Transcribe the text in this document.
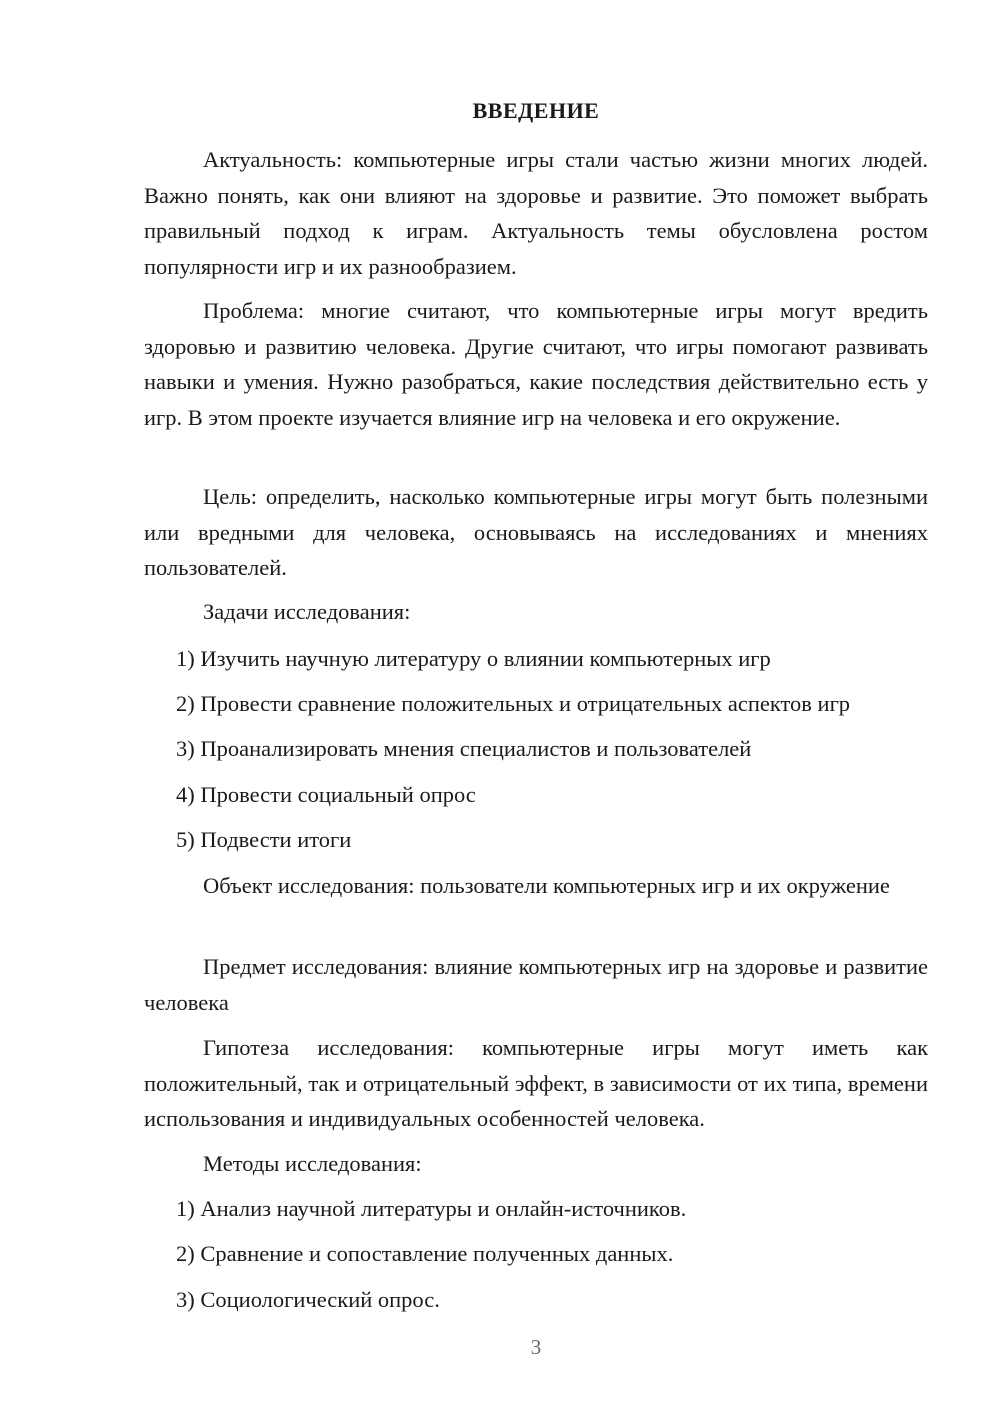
ВВЕДЕНИЕ

Актуальность: компьютерные игры стали частью жизни многих людей. Важно понять, как они влияют на здоровье и развитие. Это поможет выбрать правильный подход к играм. Актуальность темы обусловлена ростом популярности игр и их разнообразием.

Проблема: многие считают, что компьютерные игры могут вредить здоровью и развитию человека. Другие считают, что игры помогают развивать навыки и умения. Нужно разобраться, какие последствия действительно есть у игр. В этом проекте изучается влияние игр на человека и его окружение.

Цель: определить, насколько компьютерные игры могут быть полезными или вредными для человека, основываясь на исследованиях и мнениях пользователей.

Задачи исследования:

1) Изучить научную литературу о влиянии компьютерных игр

2) Провести сравнение положительных и отрицательных аспектов игр

3) Проанализировать мнения специалистов и пользователей

4) Провести социальный опрос

5) Подвести итоги

Объект исследования: пользователи компьютерных игр и их окружение

Предмет исследования: влияние компьютерных игр на здоровье и развитие человека

Гипотеза исследования: компьютерные игры могут иметь как положительный, так и отрицательный эффект, в зависимости от их типа, времени использования и индивидуальных особенностей человека.

Методы исследования:

1) Анализ научной литературы и онлайн-источников.

2) Сравнение и сопоставление полученных данных.

3) Социологический опрос.

3
